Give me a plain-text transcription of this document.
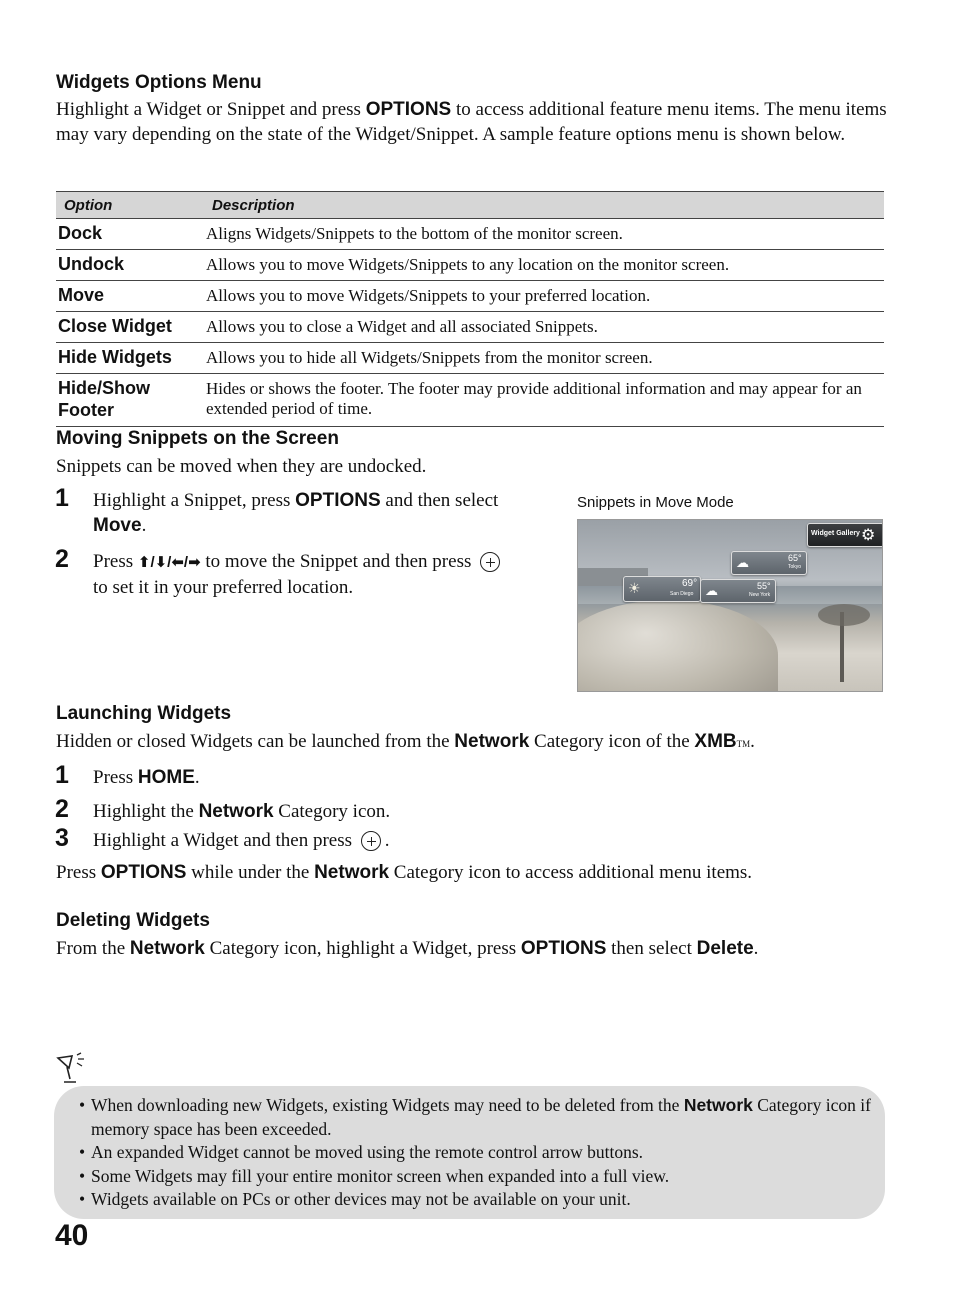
Widgets Options Menu
Highlight a Widget or Snippet and press OPTIONS to access additional feature menu items. The menu items may vary depending on the state of the Widget/Snippet. A sample feature options menu is shown below.
Option	Description
Dock	Aligns Widgets/Snippets to the bottom of the monitor screen.
Undock	Allows you to move Widgets/Snippets to any location on the monitor screen.
Move	Allows you to move Widgets/Snippets to your preferred location.
Close Widget	Allows you to close a Widget and all associated Snippets.
Hide Widgets	Allows you to hide all Widgets/Snippets from the monitor screen.
Hide/Show Footer	Hides or shows the footer. The footer may provide additional information and may appear for an extended period of time.
Moving Snippets on the Screen
Snippets can be moved when they are undocked.
1 Highlight a Snippet, press OPTIONS and then select Move.
2 Press ⬆/⬇/⬅/➡ to move the Snippet and then press  to set it in your preferred location.
Snippets in Move Mode
Widget Gallery ⚙
☁	65°
Tokyo
☀	69°
San Diego ☁	55°
New York
Launching Widgets
Hidden or closed Widgets can be launched from the Network Category icon of the XMBTM.
1 Press HOME.
2 Highlight the Network Category icon.
3 Highlight a Widget and then press .
Press OPTIONS while under the Network Category icon to access additional menu items.
Deleting Widgets
From the Network Category icon, highlight a Widget, press OPTIONS then select Delete.
• When downloading new Widgets, existing Widgets may need to be deleted from the Network Category icon if memory space has been exceeded.
• An expanded Widget cannot be moved using the remote control arrow buttons.
• Some Widgets may fill your entire monitor screen when expanded into a full view.
• Widgets available on PCs or other devices may not be available on your unit.
40
